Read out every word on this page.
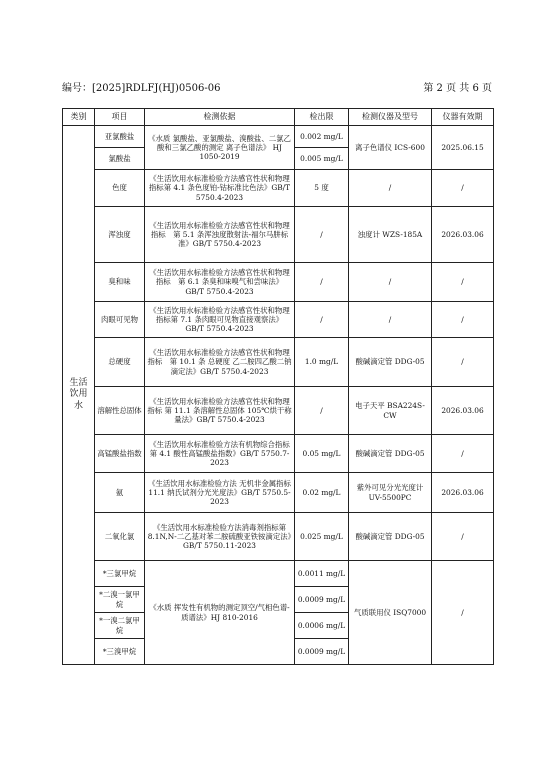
编号：[2025]RDLFJ(HJ)0506-06	第 2 页 共 6 页
类别	项目	检测依据	检出限	检测仪器及型号	仪器有效期
生活饮用水	亚氯酸盐	《水质 氯酸盐、亚氯酸盐、溴酸盐、二氯乙酸和三氯乙酸的测定 离子色谱法》 HJ 1050-2019	0.002 mg/L	离子色谱仪 ICS-600	2025.06.15
	氯酸盐		0.005 mg/L		
	色度	《生活饮用水标准检验方法感官性状和物理指标第 4.1 条色度铂-钴标准比色法》GB/T 5750.4-2023	5 度	/	/
	浑浊度	《生活饮用水标准检验方法感官性状和物理指标　第 5.1 条浑浊度散射法-福尔马肼标准》GB/T 5750.4-2023	/	浊度计 WZS-185A	2026.03.06
	臭和味	《生活饮用水标准检验方法感官性状和物理指标　第 6.1 条臭和味嗅气和尝味法》GB/T 5750.4-2023	/	/	/
	肉眼可见物	《生活饮用水标准检验方法感官性状和物理指标第 7.1 条肉眼可见物直接观察法》GB/T 5750.4-2023	/	/	/
	总硬度	《生活饮用水标准检验方法感官性状和物理指标　第 10.1 条 总硬度 乙二胺四乙酸二钠滴定法》GB/T 5750.4-2023	1.0 mg/L	酸碱滴定管 DDG-05	/
	溶解性总固体	《生活饮用水标准检验方法感官性状和物理指标 第 11.1 条溶解性总固体 105℃烘干称量法》GB/T 5750.4-2023	/	电子天平 BSA224S-CW	2026.03.06
	高锰酸盐指数	《生活饮用水标准检验方法有机物综合指标第 4.1 酸性高锰酸盐指数》GB/T 5750.7-2023	0.05 mg/L	酸碱滴定管 DDG-05	/
	氨	《生活饮用水标准检验方法 无机非金属指标 11.1 纳氏试剂分光光度法》GB/T 5750.5-2023	0.02 mg/L	紫外可见分光光度计 UV-5500PC	2026.03.06
	二氧化氯	《生活饮用水标准检验方法消毒剂指标第 8.1N,N-二乙基对苯二胺硫酸亚铁铵滴定法》GB/T 5750.11-2023	0.025 mg/L	酸碱滴定管 DDG-05	/
	*三氯甲烷	《水质 挥发性有机物的测定顶空/气相色谱-质谱法》HJ 810-2016	0.0011 mg/L	气质联用仪 ISQ7000	/
	*二溴一氯甲烷		0.0009 mg/L		
	*一溴二氯甲烷		0.0006 mg/L		
	*三溴甲烷		0.0009 mg/L		
